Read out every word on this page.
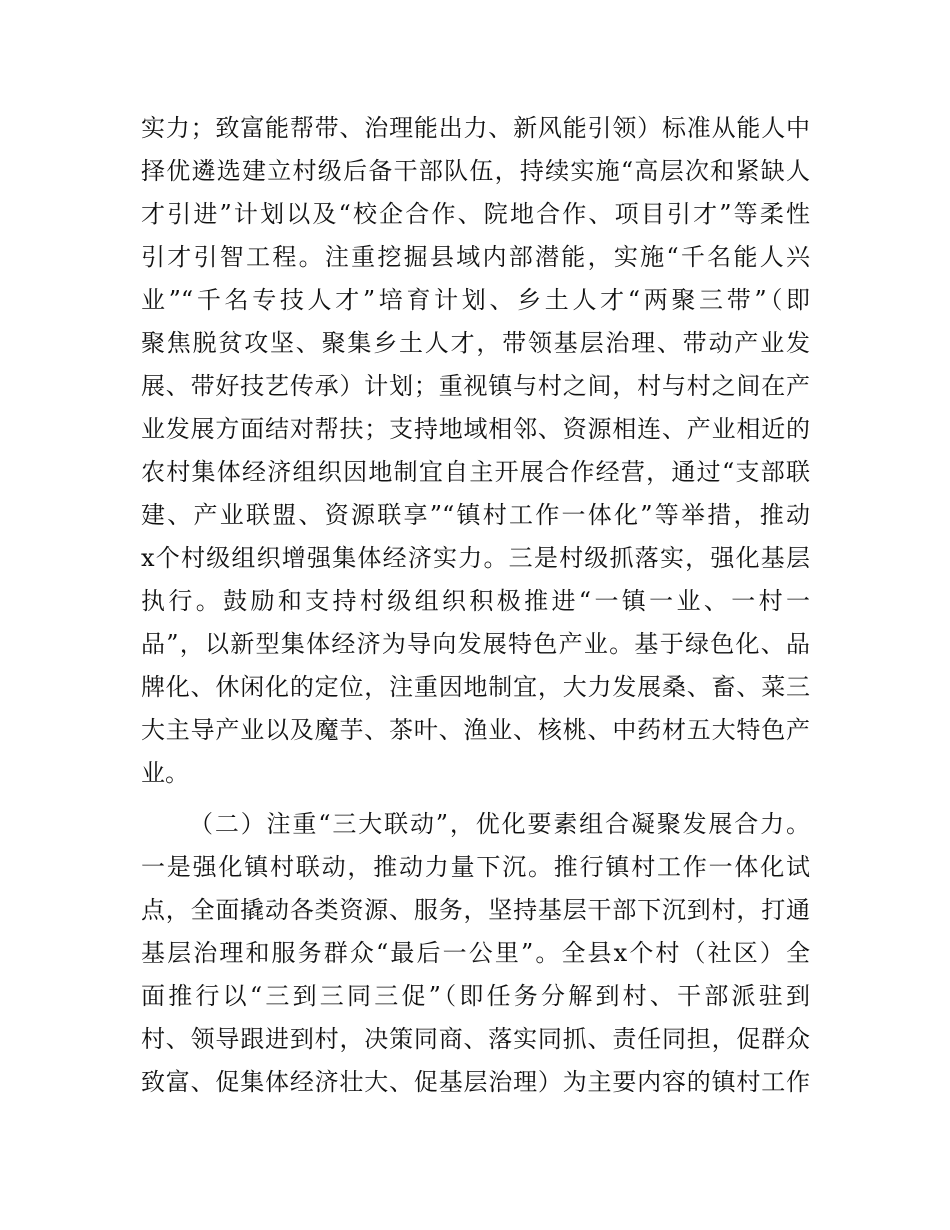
实力；致富能帮带、治理能出力、新风能引领）标准从能人中
择优遴选建立村级后备干部队伍，持续实施“高层次和紧缺人
才引进”计划以及“校企合作、院地合作、项目引才”等柔性
引才引智工程。注重挖掘县域内部潜能，实施“千名能人兴
业”“千名专技人才”培育计划、乡土人才“两聚三带”（即
聚焦脱贫攻坚、聚集乡土人才，带领基层治理、带动产业发
展、带好技艺传承）计划；重视镇与村之间，村与村之间在产
业发展方面结对帮扶；支持地域相邻、资源相连、产业相近的
农村集体经济组织因地制宜自主开展合作经营，通过“支部联
建、产业联盟、资源联享”“镇村工作一体化”等举措，推动
x个村级组织增强集体经济实力。三是村级抓落实，强化基层
执行。鼓励和支持村级组织积极推进“一镇一业、一村一
品”，以新型集体经济为导向发展特色产业。基于绿色化、品
牌化、休闲化的定位，注重因地制宜，大力发展桑、畜、菜三
大主导产业以及魔芋、茶叶、渔业、核桃、中药材五大特色产
业。
（二）注重“三大联动”，优化要素组合凝聚发展合力。
一是强化镇村联动，推动力量下沉。推行镇村工作一体化试
点，全面撬动各类资源、服务，坚持基层干部下沉到村，打通
基层治理和服务群众“最后一公里”。全县x个村（社区）全
面推行以“三到三同三促”（即任务分解到村、干部派驻到
村、领导跟进到村，决策同商、落实同抓、责任同担，促群众
致富、促集体经济壮大、促基层治理）为主要内容的镇村工作
